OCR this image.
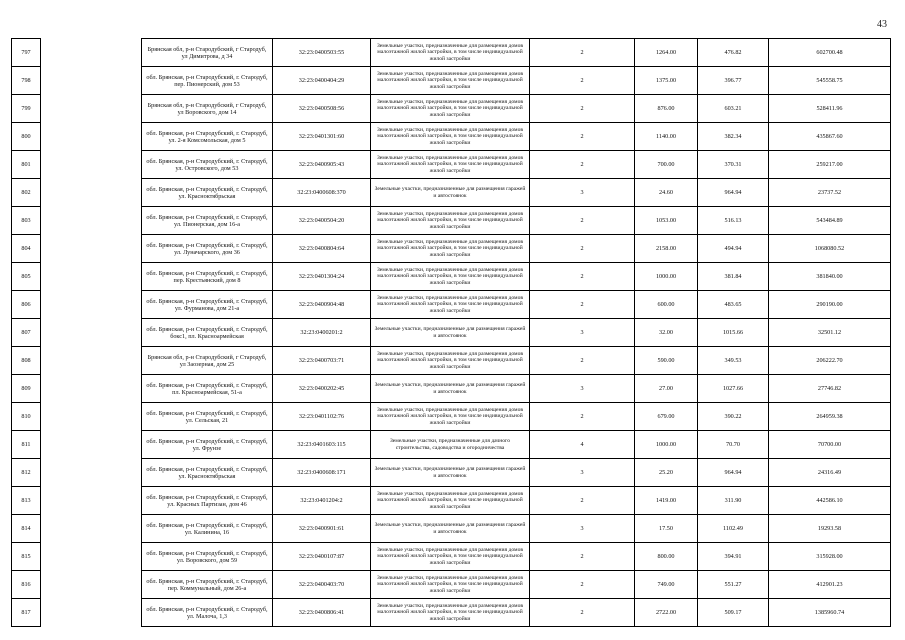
43
797		Брянская обл, р-н Стародубский, г Стародуб, ул Димитрова, д 34	32:23:0400503:55	Земельные участки, предназначенные для размещения домов малоэтажной жилой застройки, в том числе индивидуальной жилой застройки	2	1264.00	476.82	602700.48
798		обл. Брянская, р-н Стародубский, г. Стародуб, пер. Пионерский, дом 53	32:23:0400404:29	Земельные участки, предназначенные для размещения домов малоэтажной жилой застройки, в том числе индивидуальной жилой застройки	2	1375.00	396.77	545558.75
799		Брянская обл, р-н Стародубский, г Стародуб, ул Воровского, дом 14	32:23:0400508:56	Земельные участки, предназначенные для размещения домов малоэтажной жилой застройки, в том числе индивидуальной жилой застройки	2	876.00	603.21	528411.96
800		обл. Брянская, р-н Стародубский, г. Стародуб, ул. 2-я Комсомольская, дом 5	32:23:0401301:60	Земельные участки, предназначенные для размещения домов малоэтажной жилой застройки, в том числе индивидуальной жилой застройки	2	1140.00	382.34	435867.60
801		обл. Брянская, р-н Стародубский, г. Стародуб, ул. Островского, дом 53	32:23:0400905:43	Земельные участки, предназначенные для размещения домов малоэтажной жилой застройки, в том числе индивидуальной жилой застройки	2	700.00	370.31	259217.00
802		обл. Брянская, р-н Стародубский, г. Стародуб, ул. Красноктябрьская	32:23:0400608:370	Земельные участки, предназначенные для размещения гаражей и автостоянок	3	24.60	964.94	23737.52
803		обл. Брянская, р-н Стародубский, г. Стародуб, ул. Пионерская, дом 16-а	32:23:0400504:20	Земельные участки, предназначенные для размещения домов малоэтажной жилой застройки, в том числе индивидуальной жилой застройки	2	1053.00	516.13	543484.89
804		обл. Брянская, р-н Стародубский, г. Стародуб, ул. Луначарского, дом 36	32:23:0400804:64	Земельные участки, предназначенные для размещения домов малоэтажной жилой застройки, в том числе индивидуальной жилой застройки	2	2158.00	494.94	1068080.52
805		обл. Брянская, р-н Стародубский, г. Стародуб, пер. Крестьянский, дом 8	32:23:0401304:24	Земельные участки, предназначенные для размещения домов малоэтажной жилой застройки, в том числе индивидуальной жилой застройки	2	1000.00	381.84	381840.00
806		обл. Брянская, р-н Стародубский, г. Стародуб, ул. Фурманова, дом 21-а	32:23:0400904:48	Земельные участки, предназначенные для размещения домов малоэтажной жилой застройки, в том числе индивидуальной жилой застройки	2	600.00	483.65	290190.00
807		обл. Брянская, р-н Стародубский, г. Стародуб, бокс1, пл. Красноармейская	32:23:0400201:2	Земельные участки, предназначенные для размещения гаражей и автостоянок	3	32.00	1015.66	32501.12
808		Брянская обл, р-н Стародубский, г Стародуб, ул Заозерная, дом 25	32:23:0400703:71	Земельные участки, предназначенные для размещения домов малоэтажной жилой застройки, в том числе индивидуальной жилой застройки	2	590.00	349.53	206222.70
809		обл. Брянская, р-н Стародубский, г. Стародуб, пл. Красноармейская, 51-а	32:23:0400202:45	Земельные участки, предназначенные для размещения гаражей и автостоянок	3	27.00	1027.66	27746.82
810		обл. Брянская, р-н Стародубский, г. Стародуб, ул. Сельская, 21	32:23:0401102:76	Земельные участки, предназначенные для размещения домов малоэтажной жилой застройки, в том числе индивидуальной жилой застройки	2	679.00	390.22	264959.38
811		обл. Брянская, р-н Стародубский, г. Стародуб, ул. Фрунзе	32:23:0401603:115	Земельные участки, предназначенные для дачного строительства, садоводства и огородничества	4	1000.00	70.70	70700.00
812		обл. Брянская, р-н Стародубский, г. Стародуб, ул. Красноктябрьская	32:23:0400608:171	Земельные участки, предназначенные для размещения гаражей и автостоянок	3	25.20	964.94	24316.49
813		обл. Брянская, р-н Стародубский, г. Стародуб, ул. Красных Партизан, дом 46	32:23:0401204:2	Земельные участки, предназначенные для размещения домов малоэтажной жилой застройки, в том числе индивидуальной жилой застройки	2	1419.00	311.90	442586.10
814		обл. Брянская, р-н Стародубский, г. Стародуб, ул. Калинина, 16	32:23:0400901:61	Земельные участки, предназначенные для размещения гаражей и автостоянок	3	17.50	1102.49	19293.58
815		обл. Брянская, р-н Стародубский, г. Стародуб, ул. Воровского, дом 59	32:23:0400107:87	Земельные участки, предназначенные для размещения домов малоэтажной жилой застройки, в том числе индивидуальной жилой застройки	2	800.00	394.91	315928.00
816		обл. Брянская, р-н Стародубский, г. Стародуб, пер. Коммунальный, дом 26-а	32:23:0400403:70	Земельные участки, предназначенные для размещения домов малоэтажной жилой застройки, в том числе индивидуальной жилой застройки	2	749.00	551.27	412901.23
817		обл. Брянская, р-н Стародубский, г. Стародуб, ул. Малоча, 1,3	32:23:0400806:41	Земельные участки, предназначенные для размещения домов малоэтажной жилой застройки, в том числе индивидуальной жилой застройки	2	2722.00	509.17	1385960.74
